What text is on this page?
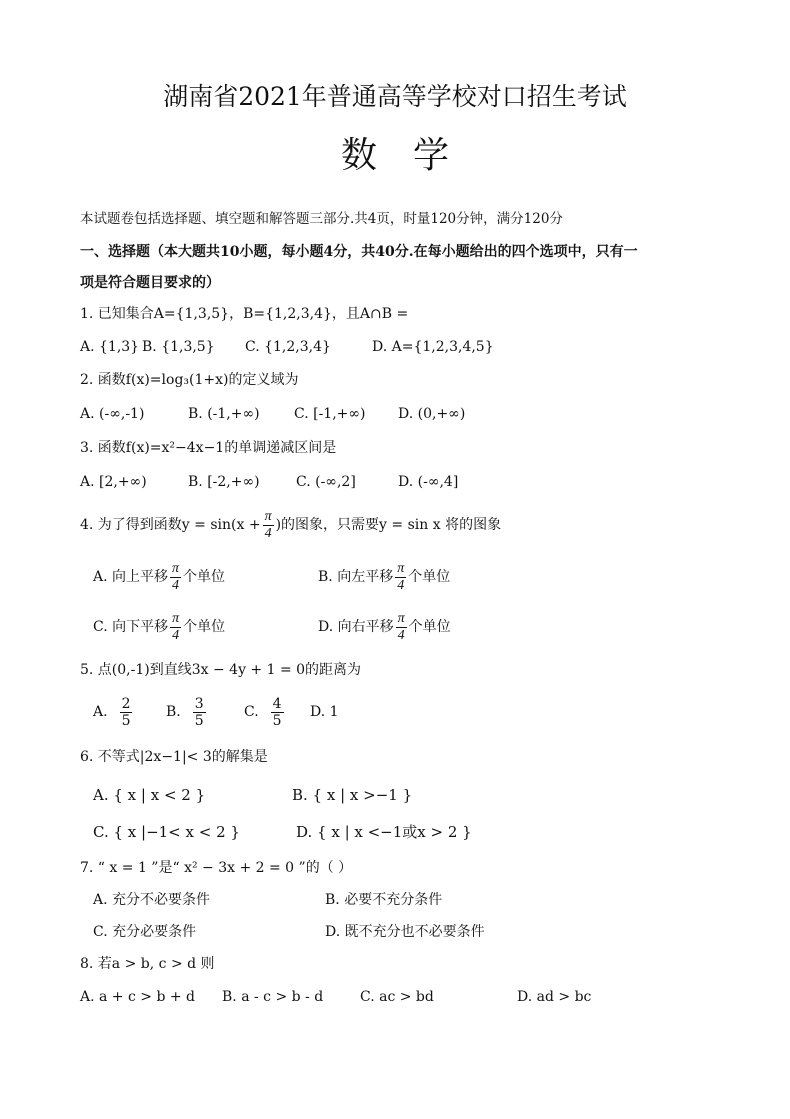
湖南省2021年普通高等学校对口招生考试
数　学
本试题卷包括选择题、填空题和解答题三部分.共4页，时量120分钟，满分120分
一、选择题（本大题共10小题，每小题4分，共40分.在每小题给出的四个选项中，只有一
项是符合题目要求的）
1. 已知集合A={1,3,5}，B={1,2,3,4}，且A∩B =
A. {1,3} B. {1,3,5} C. {1,2,3,4}	D. A={1,2,3,4,5}
2. 函数f(x)=log₃(1+x)的定义域为
A. (-∞,-1)	B. (-1,+∞) C. [-1,+∞) D. (0,+∞)
3. 函数f(x)=x²−4x−1的单调递减区间是
A. [2,+∞)	B. [-2,+∞)	C. (-∞,2]	D. (-∞,4]
4. 为了得到函数$y = \sin(x + \frac{\pi}{4}$ )的图象，只需要y = sin x 将的图象
A. 向上平移 $\frac{\pi}{4}$ 个单位	B. 向左平移 $\frac{\pi}{4}$ 个单位
C. 向下平移 $\frac{\pi}{4}$ 个单位	D. 向右平移 $\frac{\pi}{4}$ 个单位
5. 点(0,-1)到直线3x − 4y + 1 = 0的距离为
A. $\frac{2}{5} B$. $\frac{3}{5}$	C. $\frac{4}{5} D$. 1
6. 不等式|2x−1|< 3的解集是
A. { x | x < 2 }	B. { x | x >−1 }
C. { x |−1< x < 2 }	D. { x | x <−1或x > 2 }
7. “ x = 1 ”是“ x² − 3x + 2 = 0 ”的（ ）
A. 充分不必要条件	B. 必要不充分条件
C. 充分必要条件	D. 既不充分也不必要条件
8. 若a > b, c > d 则
A. a + c > b + d B. a - c > b - d	C. ac > bd	D. ad > bc
